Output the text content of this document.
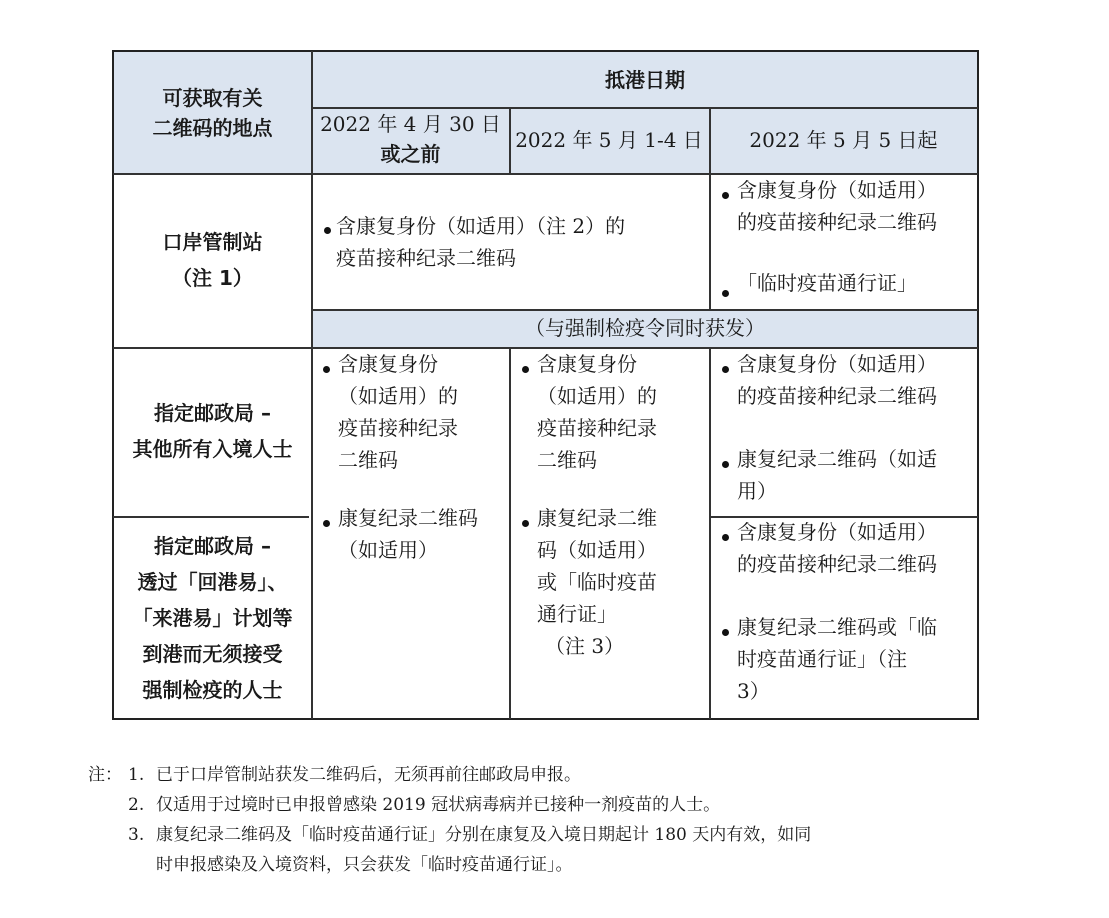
可获取有关
二维码的地点
抵港日期
2022 年 4 月 30 日
或之前
2022 年 5 月 1-4 日	2022 年 5 月 5 日起
口岸管制站
（注 1）
含康复身份（如适用）（注 2）的
疫苗接种纪录二维码
含康复身份（如适用）
的疫苗接种纪录二维码
「临时疫苗通行证」
（与强制检疫令同时获发）
指定邮政局 –
其他所有入境人士
含康复身份
（如适用）的
疫苗接种纪录
二维码
康复纪录二维码
（如适用）
含康复身份
（如适用）的
疫苗接种纪录
二维码
康复纪录二维
码（如适用）
或「临时疫苗
通行证」
（注 3）
含康复身份（如适用）
的疫苗接种纪录二维码
康复纪录二维码（如适
用）
指定邮政局 –
透过「回港易」、
「来港易」计划等
到港而无须接受
强制检疫的人士
含康复身份（如适用）
的疫苗接种纪录二维码
康复纪录二维码或「临
时疫苗通行证」（注
3）
注： 1. 已于口岸管制站获发二维码后，无须再前往邮政局申报。
2. 仅适用于过境时已申报曾感染 2019 冠状病毒病并已接种一剂疫苗的人士。
3. 康复纪录二维码及「临时疫苗通行证」分别在康复及入境日期起计 180 天内有效，如同
时申报感染及入境资料，只会获发「临时疫苗通行证」。
